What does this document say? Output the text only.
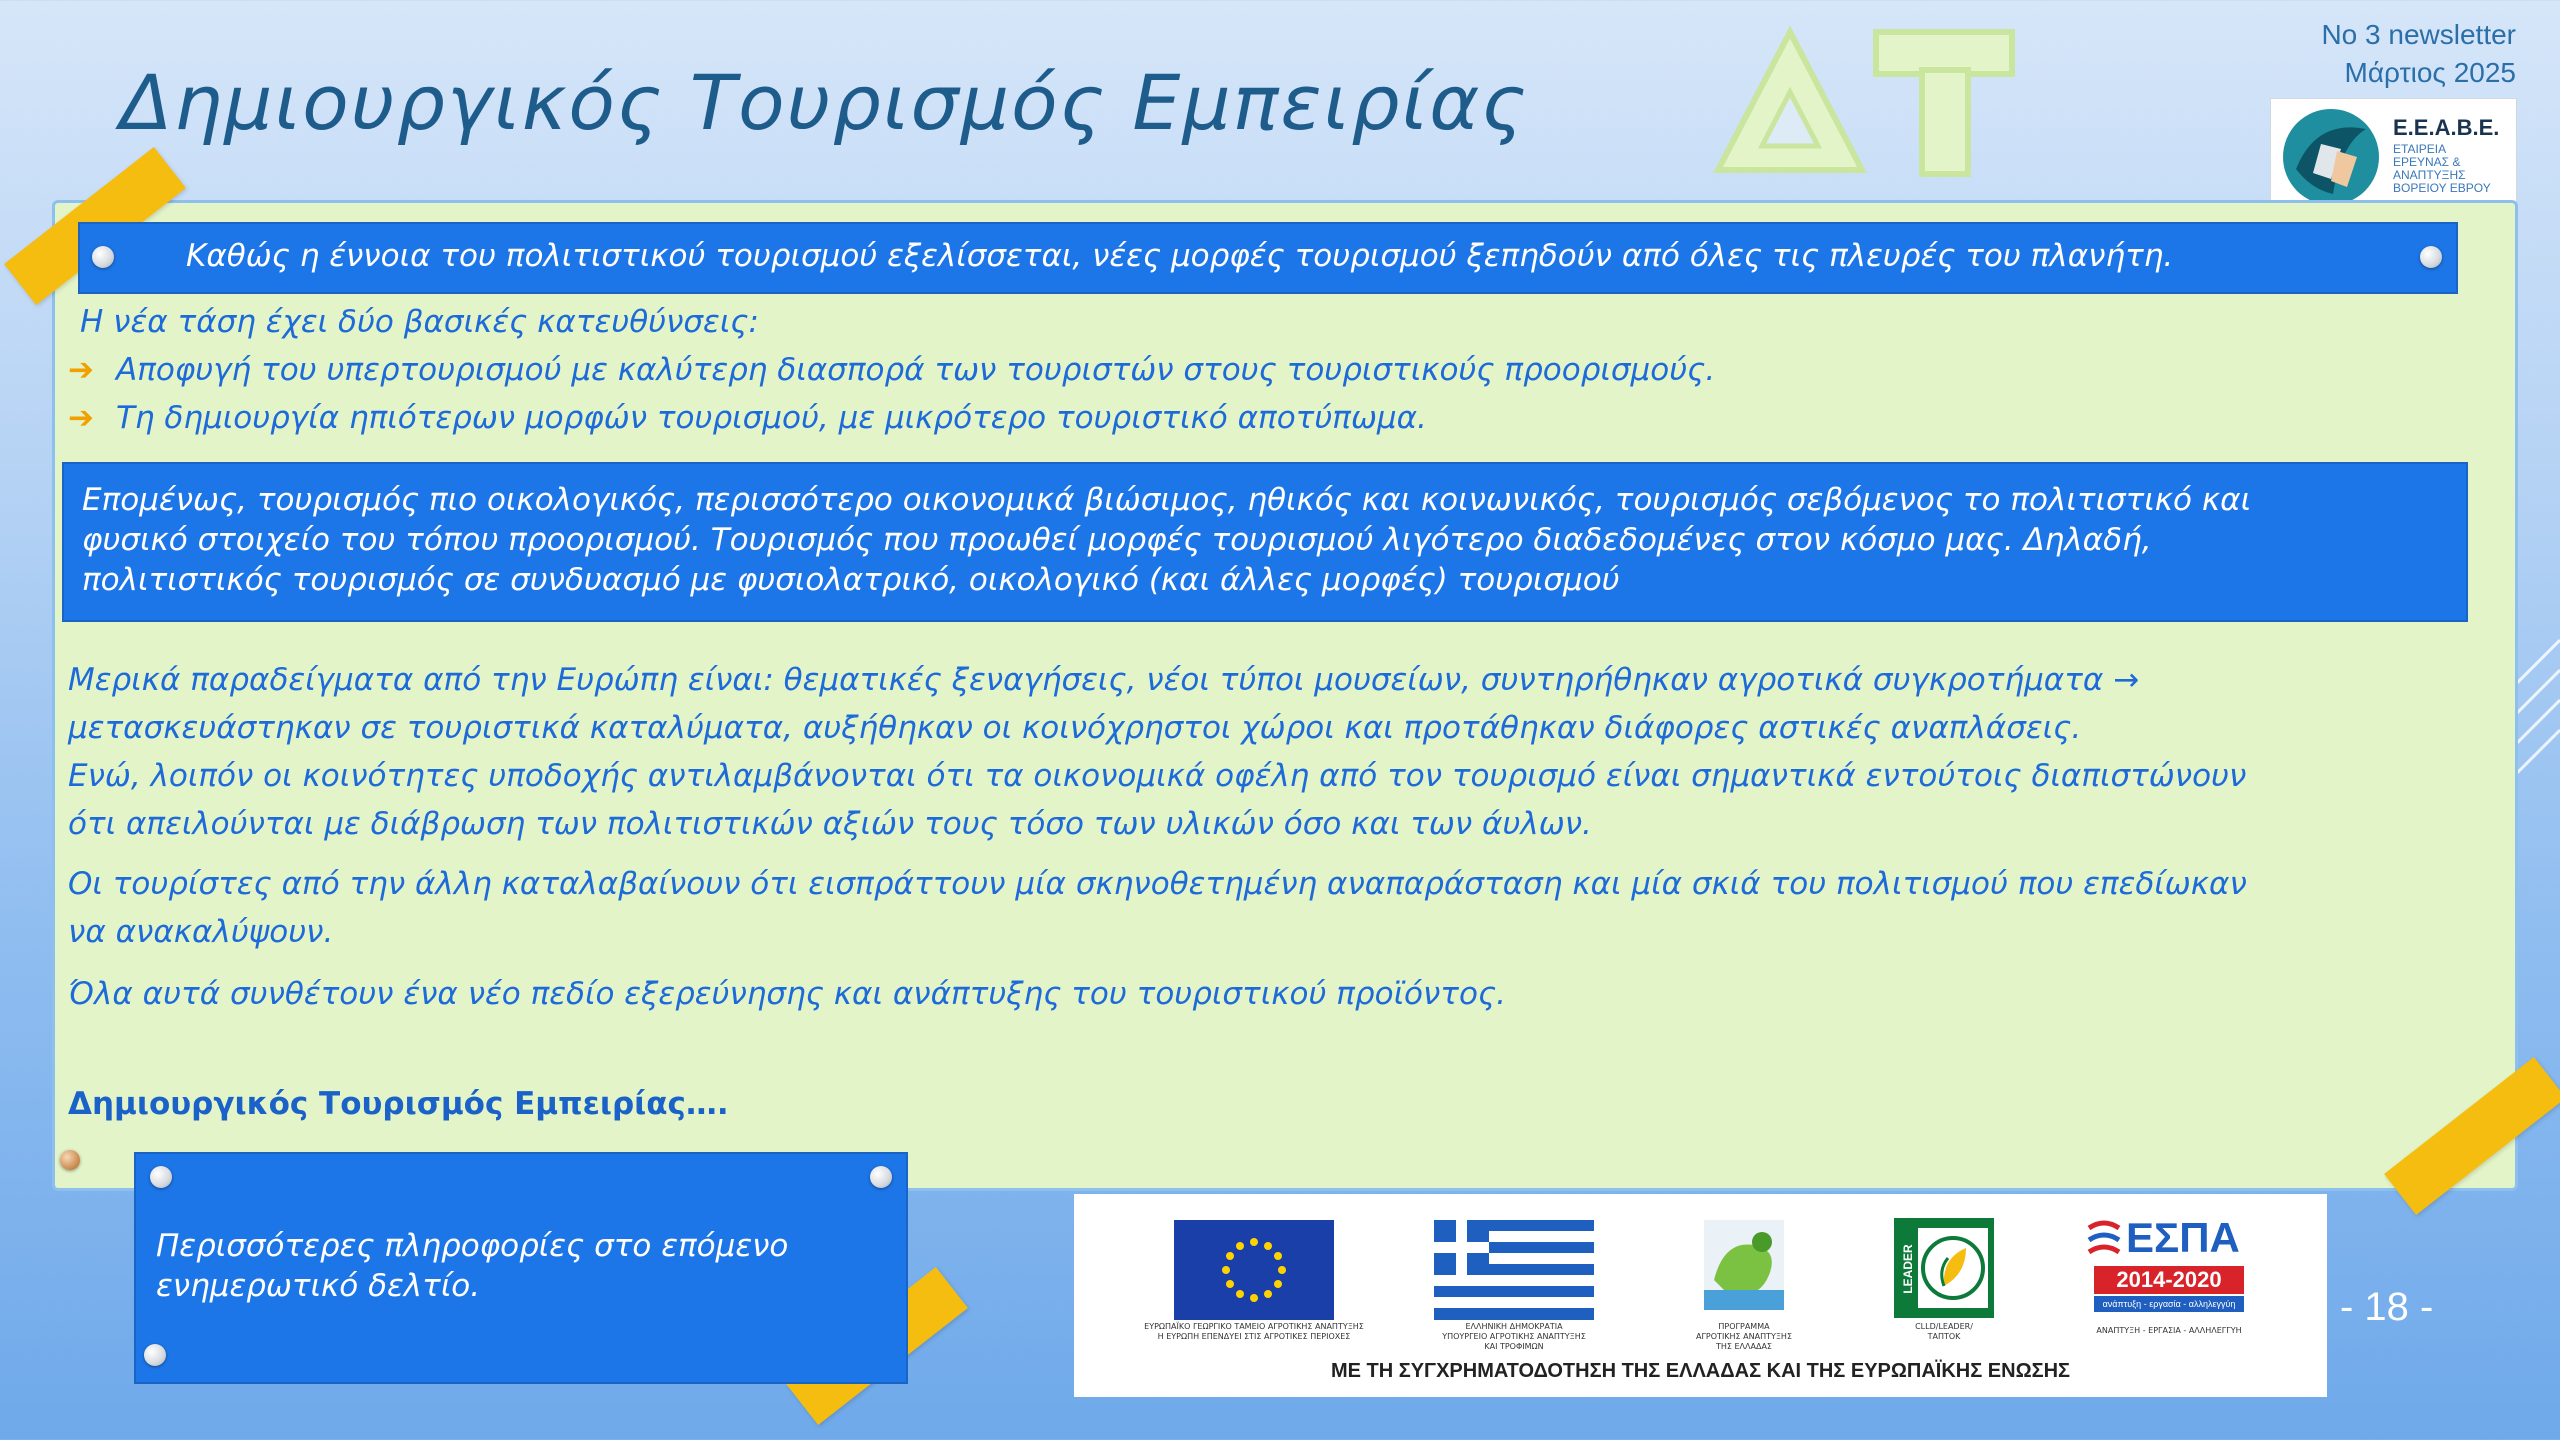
Δημιουργικός Τουρισμός Εμπειρίας
Νο 3 newsletter
Μάρτιος 2025
Ε.Ε.Α.Β.Ε.
ΕΤΑΙΡΕΙΑ
ΕΡΕΥΝΑΣ &
ΑΝΑΠΤΥΞΗΣ
ΒΟΡΕΙΟΥ ΕΒΡΟΥ
Καθώς η έννοια του πολιτιστικού τουρισμού εξελίσσεται, νέες μορφές τουρισμού ξεπηδούν από όλες τις πλευρές του πλανήτη.

Η νέα τάση έχει δύο βασικές κατευθύνσεις:

➔ Αποφυγή του υπερτουρισμού με καλύτερη διασπορά των τουριστών στους τουριστικούς προορισμούς.

➔ Τη δημιουργία ηπιότερων μορφών τουρισμού, με μικρότερο τουριστικό αποτύπωμα.

Επομένως, τουρισμός πιο οικολογικός, περισσότερο οικονομικά βιώσιμος, ηθικός και κοινωνικός, τουρισμός σεβόμενος το πολιτιστικό και
φυσικό στοιχείο του τόπου προορισμού. Τουρισμός που προωθεί μορφές τουρισμού λιγότερο διαδεδομένες στον κόσμο μας. Δηλαδή,
πολιτιστικός τουρισμός σε συνδυασμό με φυσιολατρικό, οικολογικό (και άλλες μορφές) τουρισμού
Μερικά παραδείγματα από την Ευρώπη είναι: θεματικές ξεναγήσεις, νέοι τύποι μουσείων, συντηρήθηκαν αγροτικά συγκροτήματα →
μετασκευάστηκαν σε τουριστικά καταλύματα, αυξήθηκαν οι κοινόχρηστοι χώροι και προτάθηκαν διάφορες αστικές αναπλάσεις.
Ενώ, λοιπόν οι κοινότητες υποδοχής αντιλαμβάνονται ότι τα οικονομικά οφέλη από τον τουρισμό είναι σημαντικά εντούτοις διαπιστώνουν
ότι απειλούνται με διάβρωση των πολιτιστικών αξιών τους τόσο των υλικών όσο και των άυλων.
Οι τουρίστες από την άλλη καταλαβαίνουν ότι εισπράττουν μία σκηνοθετημένη αναπαράσταση και μία σκιά του πολιτισμού που επεδίωκαν
να ανακαλύψουν.

Όλα αυτά συνθέτουν ένα νέο πεδίο εξερεύνησης και ανάπτυξης του τουριστικού προϊόντος.

Δημιουργικός Τουρισμός Εμπειρίας….

Περισσότερες πληροφορίες στο επόμενο
ενημερωτικό δελτίο.
ΕΥΡΩΠΑΪΚΟ ΓΕΩΡΓΙΚΟ ΤΑΜΕΙΟ ΑΓΡΟΤΙΚΗΣ ΑΝΑΠΤΥΞΗΣ
Η ΕΥΡΩΠΗ ΕΠΕΝΔΥΕΙ ΣΤΙΣ ΑΓΡΟΤΙΚΕΣ ΠΕΡΙΟΧΕΣ
ΕΛΛΗΝΙΚΗ ΔΗΜΟΚΡΑΤΙΑ
ΥΠΟΥΡΓΕΙΟ ΑΓΡΟΤΙΚΗΣ ΑΝΑΠΤΥΞΗΣ
ΚΑΙ ΤΡΟΦΙΜΩΝ
ΠΡΟΓΡΑΜΜΑ
ΑΓΡΟΤΙΚΗΣ ΑΝΑΠΤΥΞΗΣ
ΤΗΣ ΕΛΛΑΔΑΣ
LEADER
CLLD/LEADER/
ΤΑΠΤΟΚ
ΕΣΠΑ
2014-2020
ανάπτυξη - εργασία - αλληλεγγύη
ΑΝΑΠΤΥΞΗ - ΕΡΓΑΣΙΑ - ΑΛΛΗΛΕΓΓΥΗ
ΜΕ ΤΗ ΣΥΓΧΡΗΜΑΤΟΔΟΤΗΣΗ ΤΗΣ ΕΛΛΑΔΑΣ ΚΑΙ ΤΗΣ ΕΥΡΩΠΑΪΚΗΣ ΕΝΩΣΗΣ
- 18 -
